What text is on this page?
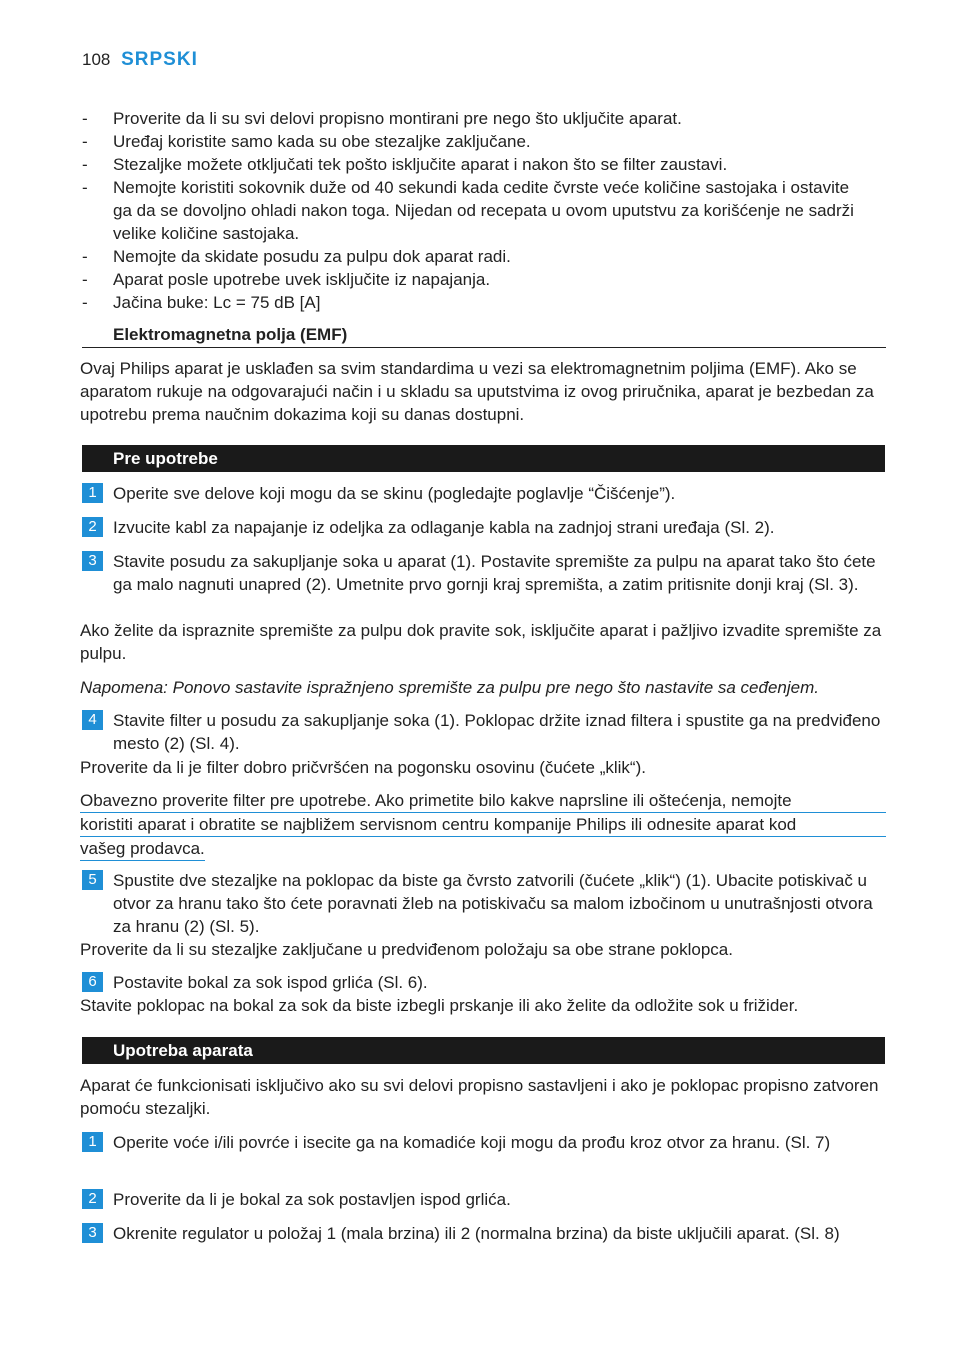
108 SRPSKI
- Proverite da li su svi delovi propisno montirani pre nego što uključite aparat.
- Uređaj koristite samo kada su obe stezaljke zaključane.
- Stezaljke možete otključati tek pošto isključite aparat i nakon što se filter zaustavi.
- Nemojte koristiti sokovnik duže od 40 sekundi kada cedite čvrste veće količine sastojaka i ostavite ga da se dovoljno ohladi nakon toga. Nijedan od recepata u ovom uputstvu za korišćenje ne sadrži velike količine sastojaka.
- Nemojte da skidate posudu za pulpu dok aparat radi.
- Aparat posle upotrebe uvek isključite iz napajanja.
- Jačina buke: Lc = 75 dB [A]
Elektromagnetna polja (EMF)
Ovaj Philips aparat je usklađen sa svim standardima u vezi sa elektromagnetnim poljima (EMF). Ako se aparatom rukuje na odgovarajući način i u skladu sa uputstvima iz ovog priručnika, aparat je bezbedan za upotrebu prema naučnim dokazima koji su danas dostupni.
Pre upotrebe
1 Operite sve delove koji mogu da se skinu (pogledajte poglavlje “Čišćenje”).
2 Izvucite kabl za napajanje iz odeljka za odlaganje kabla na zadnjoj strani uređaja (Sl. 2).
3 Stavite posudu za sakupljanje soka u aparat (1). Postavite spremište za pulpu na aparat tako što ćete ga malo nagnuti unapred (2). Umetnite prvo gornji kraj spremišta, a zatim pritisnite donji kraj (Sl. 3).
Ako želite da ispraznite spremište za pulpu dok pravite sok, isključite aparat i pažljivo izvadite spremište za pulpu.
Napomena: Ponovo sastavite ispražnjeno spremište za pulpu pre nego što nastavite sa ceđenjem.
4 Stavite filter u posudu za sakupljanje soka (1). Poklopac držite iznad filtera i spustite ga na predviđeno mesto (2) (Sl. 4).
Proverite da li je filter dobro pričvršćen na pogonsku osovinu (čućete „klik“).
Obavezno proverite filter pre upotrebe. Ako primetite bilo kakve naprsline ili oštećenja, nemojte
koristiti aparat i obratite se najbližem servisnom centru kompanije Philips ili odnesite aparat kod
vašeg prodavca.
5 Spustite dve stezaljke na poklopac da biste ga čvrsto zatvorili (čućete „klik“) (1). Ubacite potiskivač u otvor za hranu tako što ćete poravnati žleb na potiskivaču sa malom izbočinom u unutrašnjosti otvora za hranu (2) (Sl. 5).
Proverite da li su stezaljke zaključane u predviđenom položaju sa obe strane poklopca.
6 Postavite bokal za sok ispod grlića (Sl. 6).
Stavite poklopac na bokal za sok da biste izbegli prskanje ili ako želite da odložite sok u frižider.
Upotreba aparata
Aparat će funkcionisati isključivo ako su svi delovi propisno sastavljeni i ako je poklopac propisno zatvoren pomoću stezaljki.
1 Operite voće i/ili povrće i isecite ga na komadiće koji mogu da prođu kroz otvor za hranu. (Sl. 7)
2 Proverite da li je bokal za sok postavljen ispod grlića.
3 Okrenite regulator u položaj 1 (mala brzina) ili 2 (normalna brzina) da biste uključili aparat. (Sl. 8)
